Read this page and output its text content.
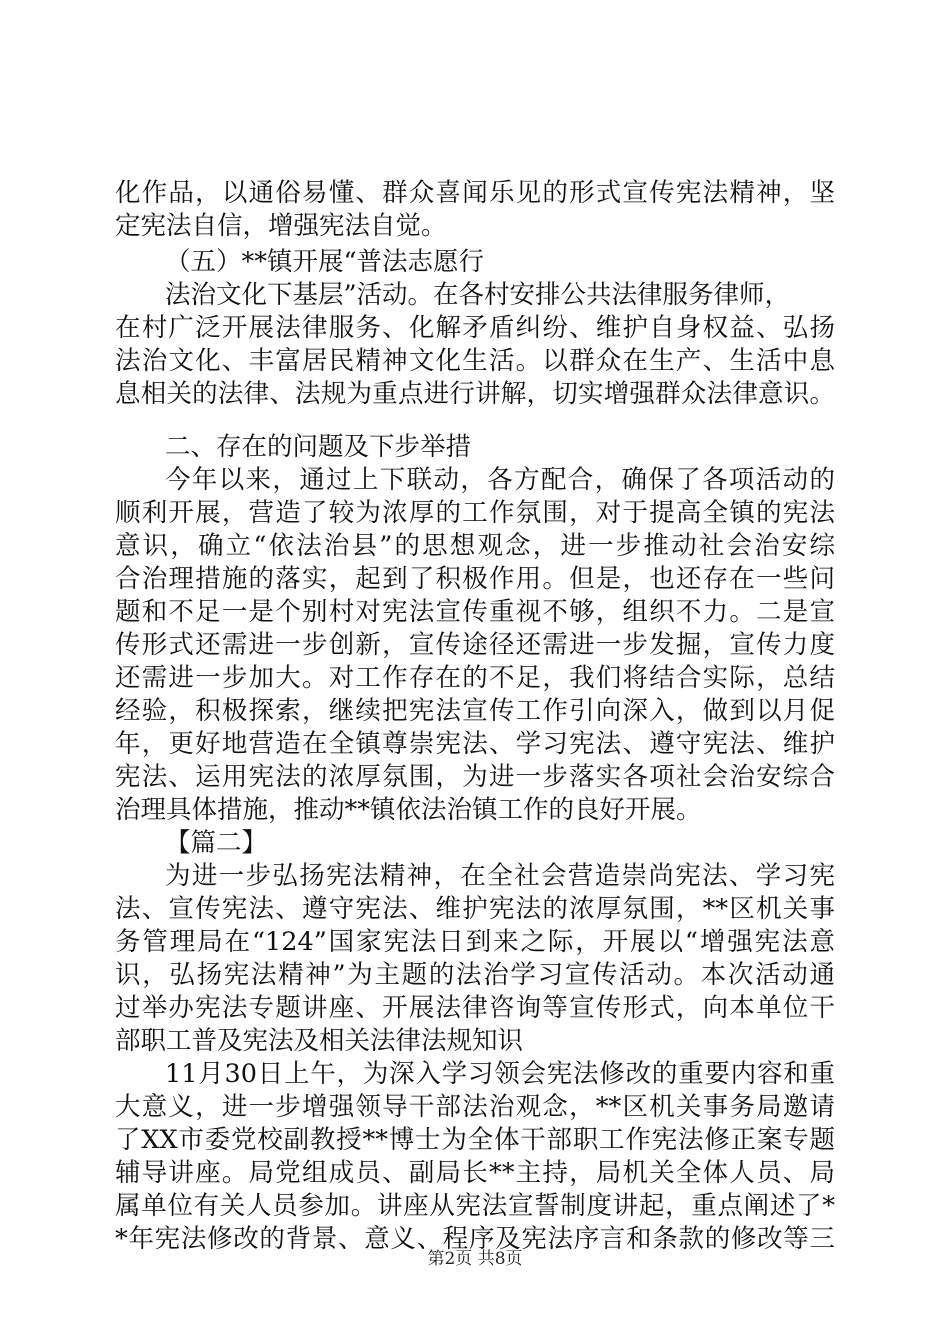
化作品，以通俗易懂、群众喜闻乐见的形式宣传宪法精神，坚
定宪法自信，增强宪法自觉。
（五）**镇开展“普法志愿行
法治文化下基层”活动。在各村安排公共法律服务律师，
在村广泛开展法律服务、化解矛盾纠纷、维护自身权益、弘扬
法治文化、丰富居民精神文化生活。以群众在生产、生活中息
息相关的法律、法规为重点进行讲解，切实增强群众法律意识。
二、存在的问题及下步举措
今年以来，通过上下联动，各方配合，确保了各项活动的
顺利开展，营造了较为浓厚的工作氛围，对于提高全镇的宪法
意识，确立“依法治县”的思想观念，进一步推动社会治安综
合治理措施的落实，起到了积极作用。但是，也还存在一些问
题和不足一是个别村对宪法宣传重视不够，组织不力。二是宣
传形式还需进一步创新，宣传途径还需进一步发掘，宣传力度
还需进一步加大。对工作存在的不足，我们将结合实际，总结
经验，积极探索，继续把宪法宣传工作引向深入，做到以月促
年，更好地营造在全镇尊崇宪法、学习宪法、遵守宪法、维护
宪法、运用宪法的浓厚氛围，为进一步落实各项社会治安综合
治理具体措施，推动**镇依法治镇工作的良好开展。
【篇二】
为进一步弘扬宪法精神，在全社会营造崇尚宪法、学习宪
法、宣传宪法、遵守宪法、维护宪法的浓厚氛围，**区机关事
务管理局在“124”国家宪法日到来之际，开展以“增强宪法意
识，弘扬宪法精神”为主题的法治学习宣传活动。本次活动通
过举办宪法专题讲座、开展法律咨询等宣传形式，向本单位干
部职工普及宪法及相关法律法规知识
11月30日上午，为深入学习领会宪法修改的重要内容和重
大意义，进一步增强领导干部法治观念，**区机关事务局邀请
了XX市委党校副教授**博士为全体干部职工作宪法修正案专题
辅导讲座。局党组成员、副局长**主持，局机关全体人员、局
属单位有关人员参加。讲座从宪法宣誓制度讲起，重点阐述了*
*年宪法修改的背景、意义、程序及宪法序言和条款的修改等三
第2页 共8页
